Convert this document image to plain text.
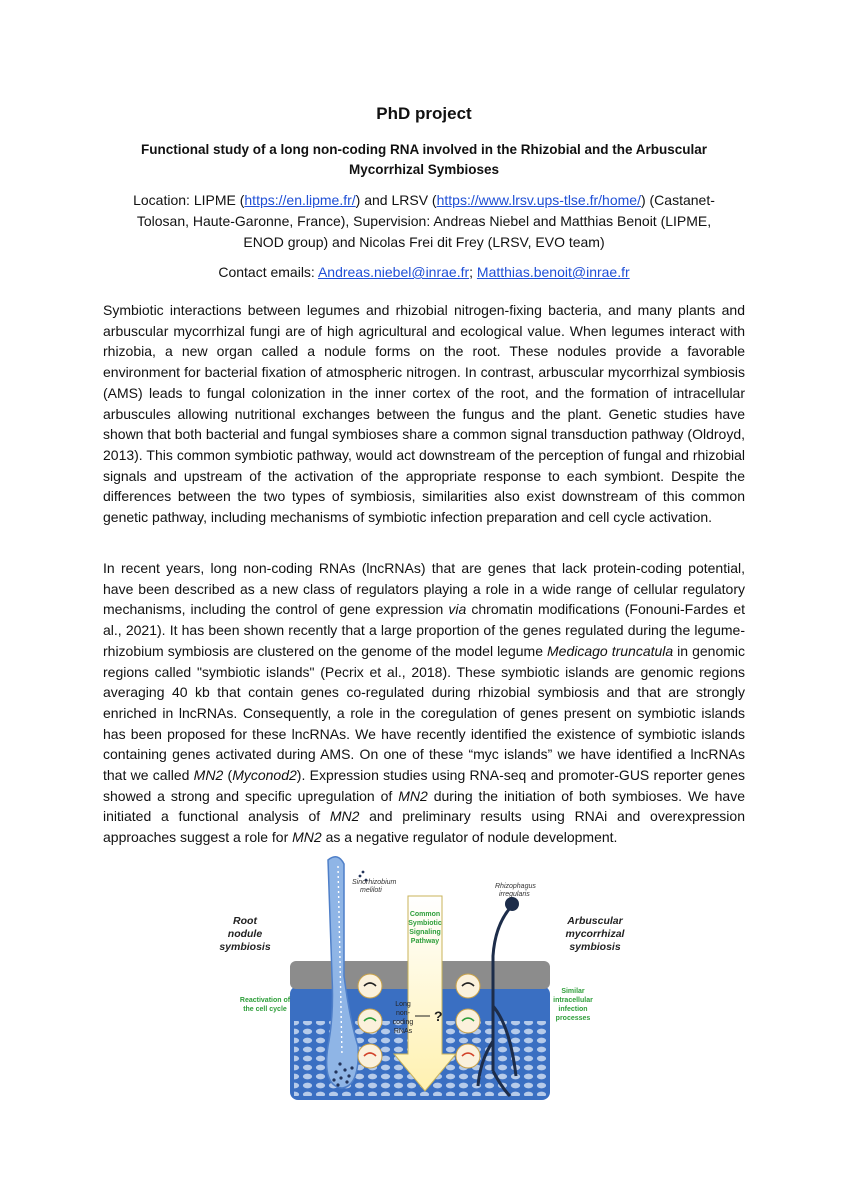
PhD project
Functional study of a long non-coding RNA involved in the Rhizobial and the Arbuscular
Mycorrhizal Symbioses
Location: LIPME (https://en.lipme.fr/) and LRSV (https://www.lrsv.ups-tlse.fr/home/) (Castanet-Tolosan, Haute-Garonne, France), Supervision: Andreas Niebel and Matthias Benoit (LIPME, ENOD group) and Nicolas Frei dit Frey (LRSV, EVO team)
Contact emails: Andreas.niebel@inrae.fr; Matthias.benoit@inrae.fr

Symbiotic interactions between legumes and rhizobial nitrogen-fixing bacteria, and many plants and arbuscular mycorrhizal fungi are of high agricultural and ecological value. When legumes interact with rhizobia, a new organ called a nodule forms on the root. These nodules provide a favorable environment for bacterial fixation of atmospheric nitrogen. In contrast, arbuscular mycorrhizal symbiosis (AMS) leads to fungal colonization in the inner cortex of the root, and the formation of intracellular arbuscules allowing nutritional exchanges between the fungus and the plant. Genetic studies have shown that both bacterial and fungal symbioses share a common signal transduction pathway (Oldroyd, 2013). This common symbiotic pathway, would act downstream of the perception of fungal and rhizobial signals and upstream of the activation of the appropriate response to each symbiont. Despite the differences between the two types of symbiosis, similarities also exist downstream of this common genetic pathway, including mechanisms of symbiotic infection preparation and cell cycle activation.

In recent years, long non-coding RNAs (lncRNAs) that are genes that lack protein-coding potential, have been described as a new class of regulators playing a role in a wide range of cellular regulatory mechanisms, including the control of gene expression via chromatin modifications (Fonouni-Fardes et al., 2021). It has been shown recently that a large proportion of the genes regulated during the legume-rhizobium symbiosis are clustered on the genome of the model legume Medicago truncatula in genomic regions called "symbiotic islands" (Pecrix et al., 2018). These symbiotic islands are genomic regions averaging 40 kb that contain genes co-regulated during rhizobial symbiosis and that are strongly enriched in lncRNAs. Consequently, a role in the coregulation of genes present on symbiotic islands has been proposed for these lncRNAs. We have recently identified the existence of symbiotic islands containing genes activated during AMS. On one of these “myc islands” we have identified a lncRNAs that we called MN2 (Myconod2). Expression studies using RNA-seq and promoter-GUS reporter genes showed a strong and specific upregulation of MN2 during the initiation of both symbioses. We have initiated a functional analysis of MN2 and preliminary results using RNAi and overexpression approaches suggest a role for MN2 as a negative regulator of nodule development.

Root
nodule
symbiosis
Arbuscular
mycorrhizal
symbiosis
Sinorhizobium
meliloti
Rhizophagus
irregularis
Common
Symbiotic
Signaling
Pathway
Reactivation of
the cell cycle
Similar
intracellular
infection
processes
Long
non-
coding
RNAs
?
